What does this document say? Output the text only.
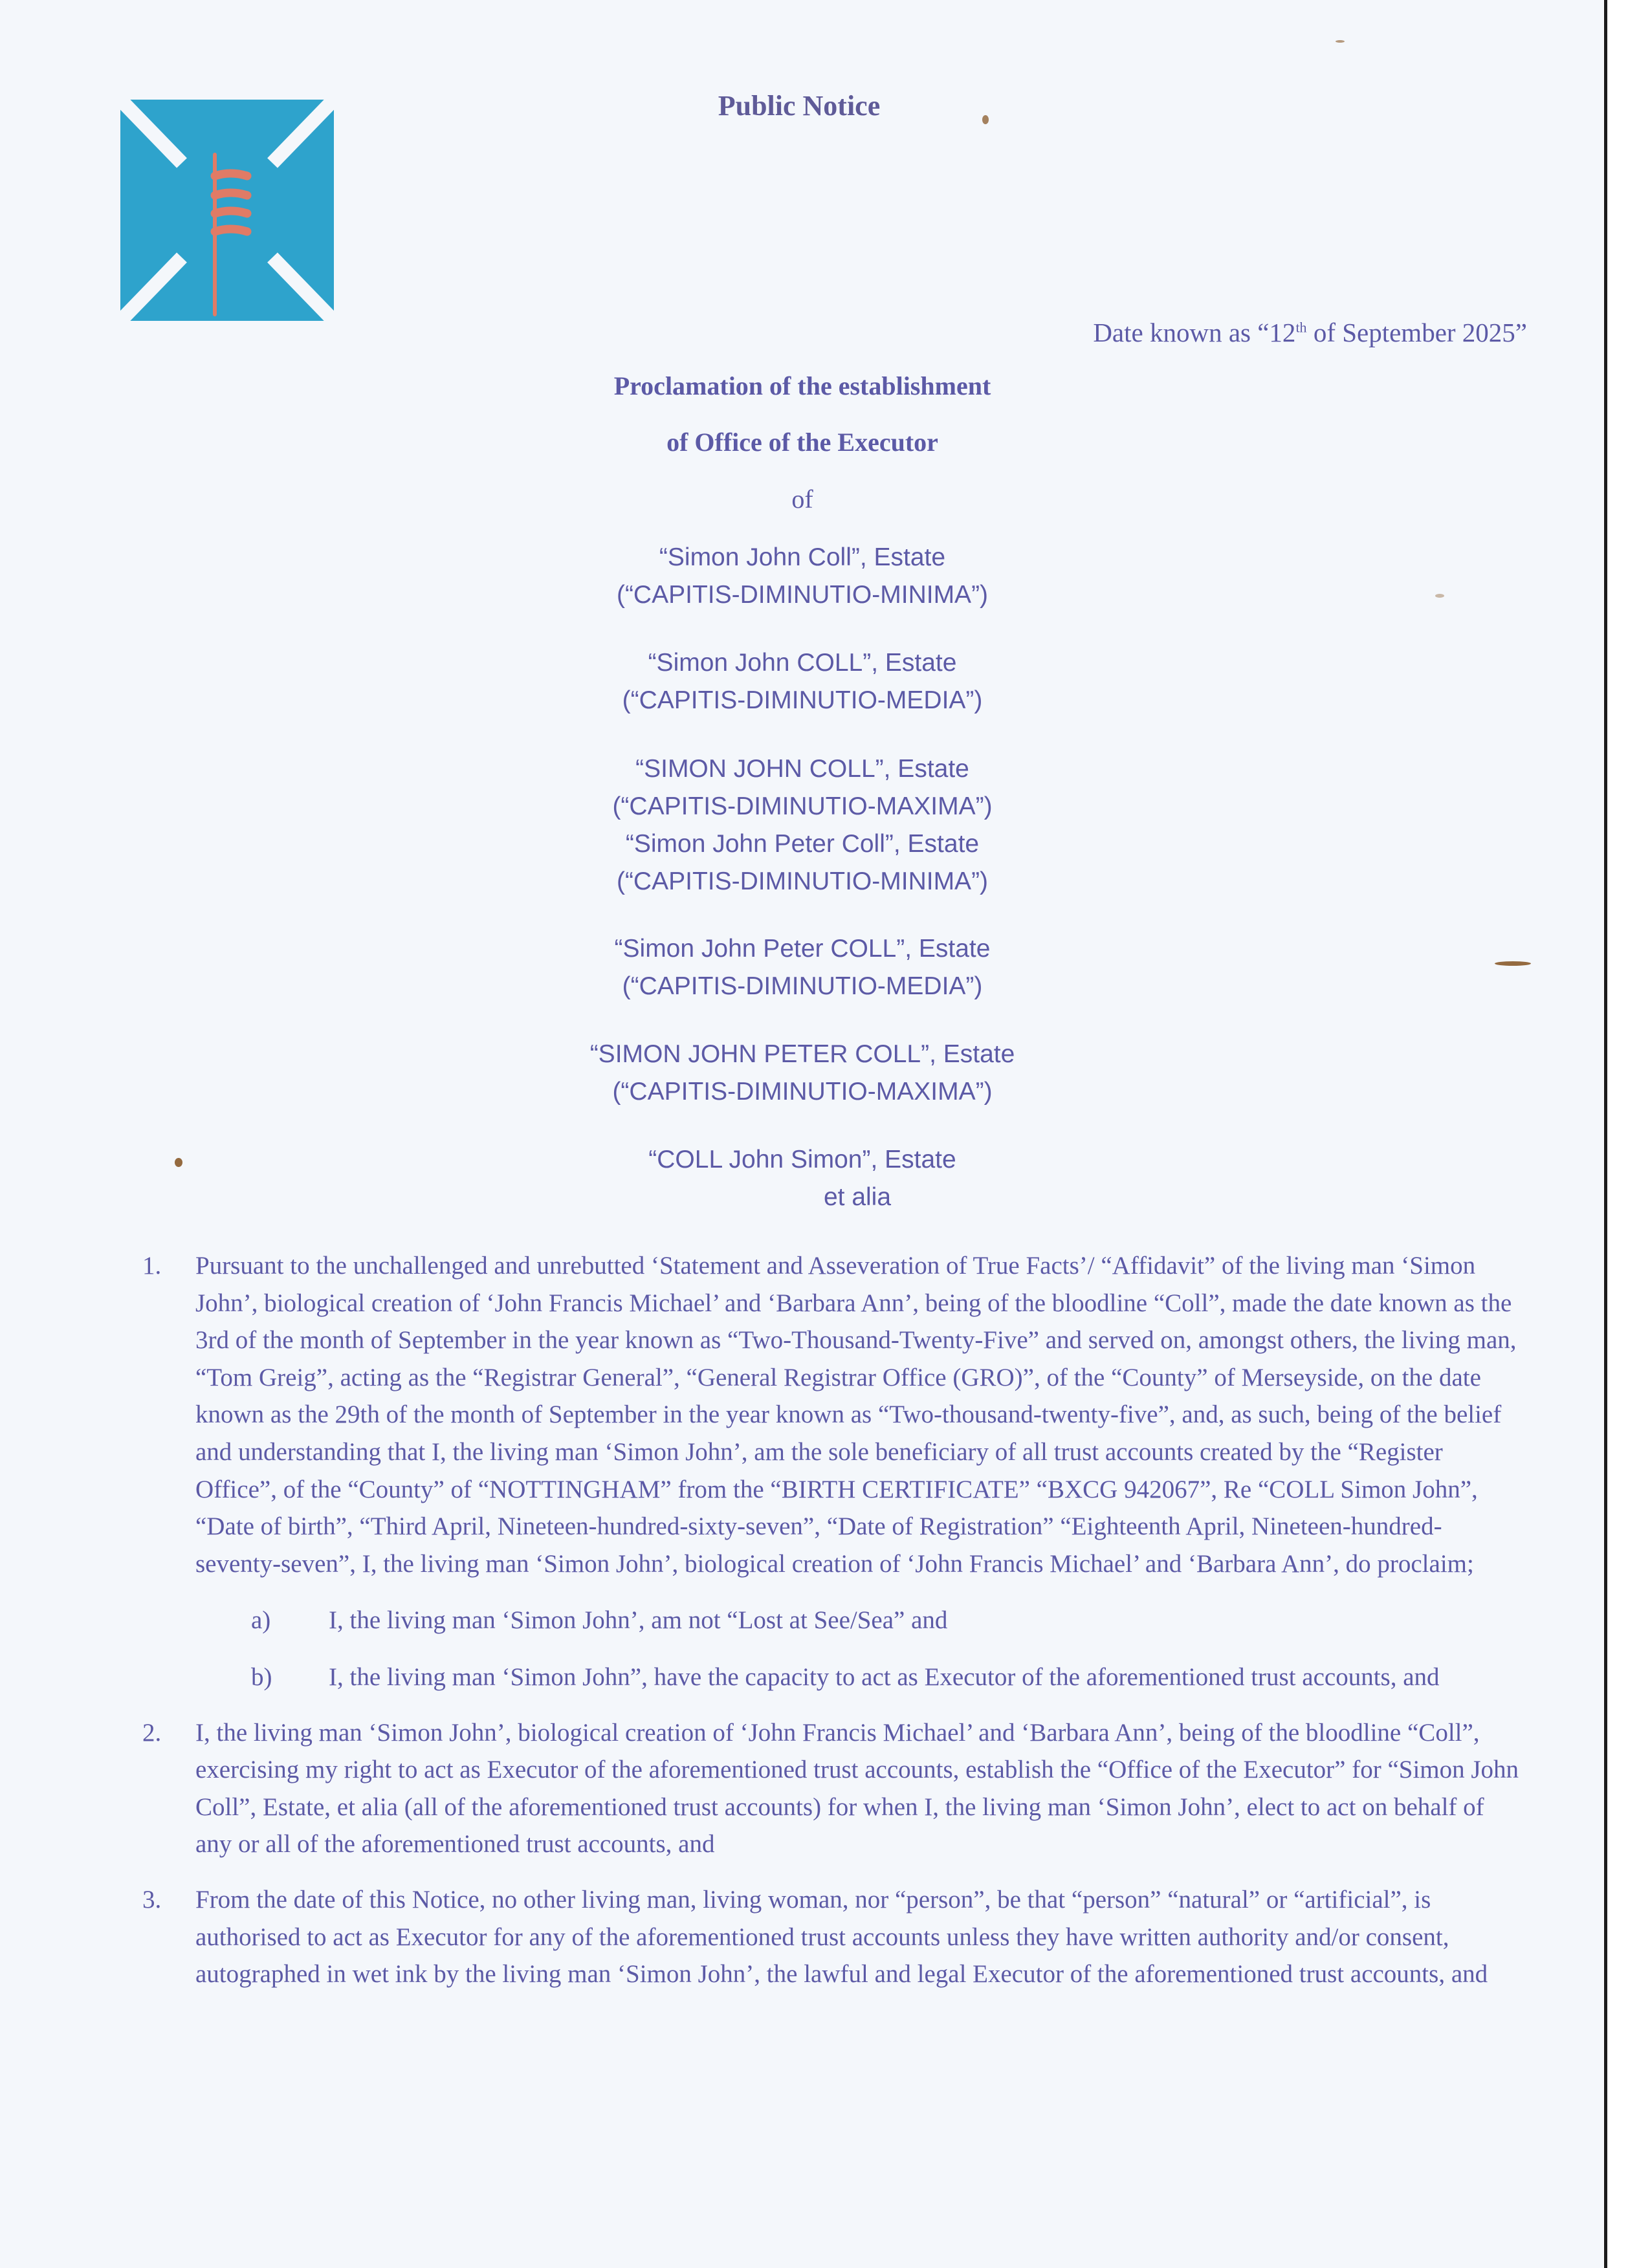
Public Notice
Date known as “12th of September 2025”
Proclamation of the establishment
of Office of the Executor
of
“Simon John Coll”, Estate
(“CAPITIS-DIMINUTIO-MINIMA”)
“Simon John COLL”, Estate
(“CAPITIS-DIMINUTIO-MEDIA”)
“SIMON JOHN COLL”, Estate
(“CAPITIS-DIMINUTIO-MAXIMA”)
“Simon John Peter Coll”, Estate
(“CAPITIS-DIMINUTIO-MINIMA”)
“Simon John Peter COLL”, Estate
(“CAPITIS-DIMINUTIO-MEDIA”)
“SIMON JOHN PETER COLL”, Estate
(“CAPITIS-DIMINUTIO-MAXIMA”)
“COLL John Simon”, Estate
et alia
1.	Pursuant to the unchallenged and unrebutted ‘Statement and Asseveration of True Facts’/ “Affidavit” of the living man ‘Simon John’, biological creation of ‘John Francis Michael’ and ‘Barbara Ann’, being of the bloodline “Coll”, made the date known as the 3rd of the month of September in the year known as “Two-Thousand-Twenty-Five” and served on, amongst others, the living man, “Tom Greig”, acting as the “Registrar General”, “General Registrar Office (GRO)”, of the “County” of Merseyside, on the date known as the 29th of the month of September in the year known as “Two-thousand-twenty-five”, and, as such, being of the belief and understanding that I, the living man ‘Simon John’, am the sole beneficiary of all trust accounts created by the “Register Office”, of the “County” of “NOTTINGHAM” from the “BIRTH CERTIFICATE” “BXCG 942067”, Re “COLL Simon John”, “Date of birth”, “Third April, Nineteen-hundred-sixty-seven”, “Date of Registration” “Eighteenth April, Nineteen-hundred-seventy-seven”, I, the living man ‘Simon John’, biological creation of ‘John Francis Michael’ and ‘Barbara Ann’, do proclaim;
a)	I, the living man ‘Simon John’, am not “Lost at See/Sea” and
b)	I, the living man ‘Simon John”, have the capacity to act as Executor of the aforementioned trust accounts, and
2.	I, the living man ‘Simon John’, biological creation of ‘John Francis Michael’ and ‘Barbara Ann’, being of the bloodline “Coll”, exercising my right to act as Executor of the aforementioned trust accounts, establish the “Office of the Executor” for “Simon John Coll”, Estate, et alia (all of the aforementioned trust accounts) for when I, the living man ‘Simon John’, elect to act on behalf of any or all of the aforementioned trust accounts, and
3.	From the date of this Notice, no other living man, living woman, nor “person”, be that “person” “natural” or “artificial”, is authorised to act as Executor for any of the aforementioned trust accounts unless they have written authority and/or consent, autographed in wet ink by the living man ‘Simon John’, the lawful and legal Executor of the aforementioned trust accounts, and
